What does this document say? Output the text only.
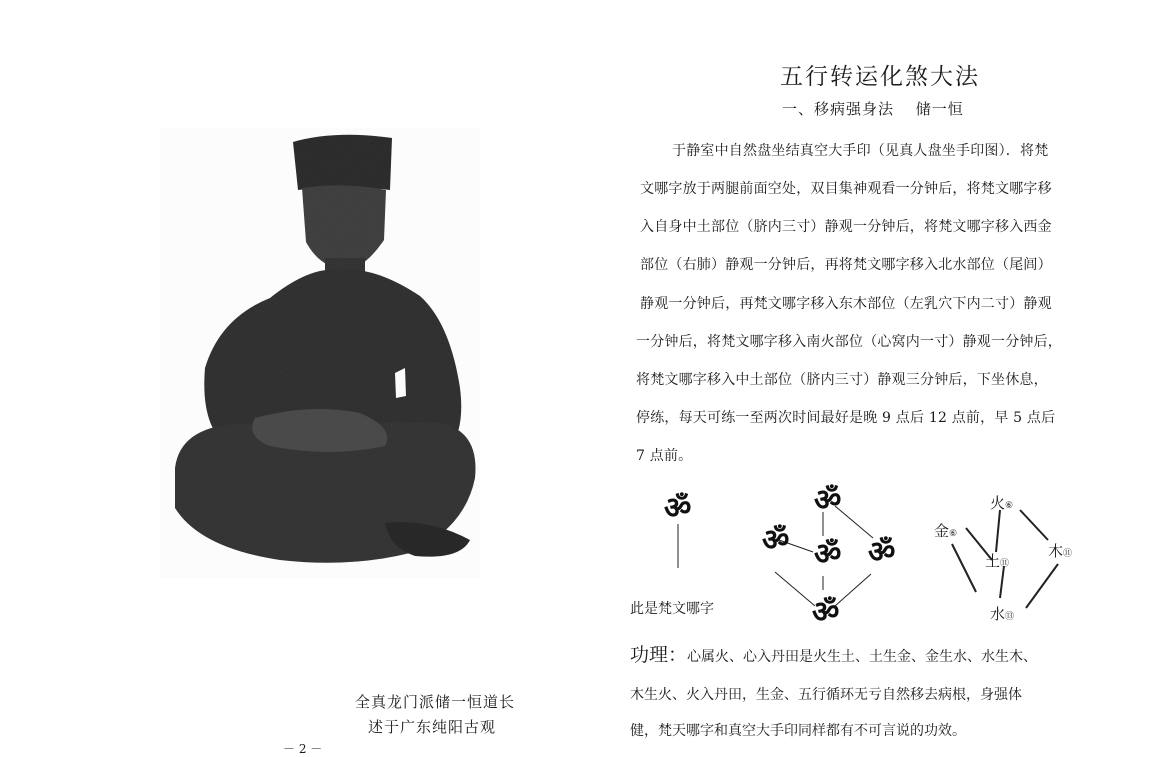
全真龙门派储一恒道长
述于广东纯阳古观
－ 2 －
五行转运化煞大法
一、移病强身法　 储一恒
于静室中自然盘坐结真空大手印（见真人盘坐手印图）．将梵
文哪字放于两腿前面空处，双目集神观看一分钟后，将梵文哪字移
入自身中土部位（脐内三寸）静观一分钟后，将梵文哪字移入西金
部位（右肺）静观一分钟后，再将梵文哪字移入北水部位（尾闾）
静观一分钟后，再梵文哪字移入东木部位（左乳穴下内二寸）静观
一分钟后，将梵文哪字移入南火部位（心窝内一寸）静观一分钟后，
将梵文哪字移入中土部位（脐内三寸）静观三分钟后，下坐休息，
停练，每天可练一至两次时间最好是晚 9 点后 12 点前，早 5 点后
7 点前。
ॐ
此是梵文哪字
ॐ
ॐ ॐ ॐ
ॐ
火⑥
金⑥
木⑪
土⑪
水⑬
功理：心属火、心入丹田是火生土、土生金、金生水、水生木、
木生火、火入丹田，生金、五行循环无亏自然移去病根，身强体
健，梵天哪字和真空大手印同样都有不可言说的功效。
